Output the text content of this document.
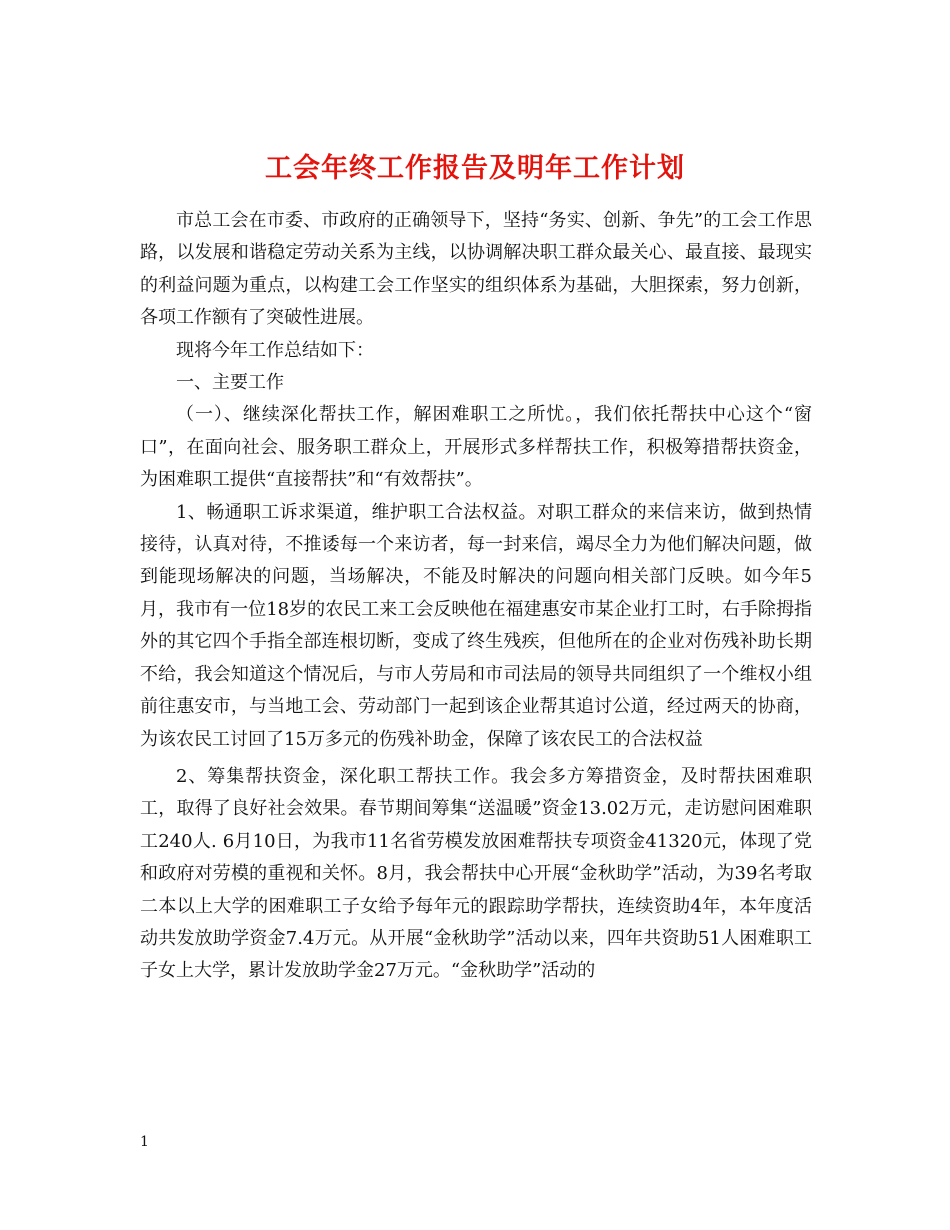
工会年终工作报告及明年工作计划

市总工会在市委、市政府的正确领导下，坚持“务实、创新、争先”的工会工作思路，以发展和谐稳定劳动关系为主线，以协调解决职工群众最关心、最直接、最现实的利益问题为重点，以构建工会工作坚实的组织体系为基础，大胆探索，努力创新，各项工作额有了突破性进展。

现将今年工作总结如下：

一、主要工作

（一）、继续深化帮扶工作，解困难职工之所忧。，我们依托帮扶中心这个“窗口”，在面向社会、服务职工群众上，开展形式多样帮扶工作，积极筹措帮扶资金，为困难职工提供“直接帮扶”和“有效帮扶”。

1、畅通职工诉求渠道，维护职工合法权益。对职工群众的来信来访，做到热情接待，认真对待，不推诿每一个来访者，每一封来信，竭尽全力为他们解决问题，做到能现场解决的问题，当场解决，不能及时解决的问题向相关部门反映。如今年5月，我市有一位18岁的农民工来工会反映他在福建惠安市某企业打工时，右手除拇指外的其它四个手指全部连根切断，变成了终生残疾，但他所在的企业对伤残补助长期不给，我会知道这个情况后，与市人劳局和市司法局的领导共同组织了一个维权小组前往惠安市，与当地工会、劳动部门一起到该企业帮其追讨公道，经过两天的协商，为该农民工讨回了15万多元的伤残补助金，保障了该农民工的合法权益

2、筹集帮扶资金，深化职工帮扶工作。我会多方筹措资金，及时帮扶困难职工，取得了良好社会效果。春节期间筹集“送温暖”资金13.02万元，走访慰问困难职工240人. 6月10日，为我市11名省劳模发放困难帮扶专项资金41320元，体现了党和政府对劳模的重视和关怀。8月，我会帮扶中心开展“金秋助学”活动，为39名考取二本以上大学的困难职工子女给予每年元的跟踪助学帮扶，连续资助4年，本年度活动共发放助学资金7.4万元。从开展“金秋助学”活动以来，四年共资助51人困难职工子女上大学，累计发放助学金27万元。“金秋助学”活动的

1
